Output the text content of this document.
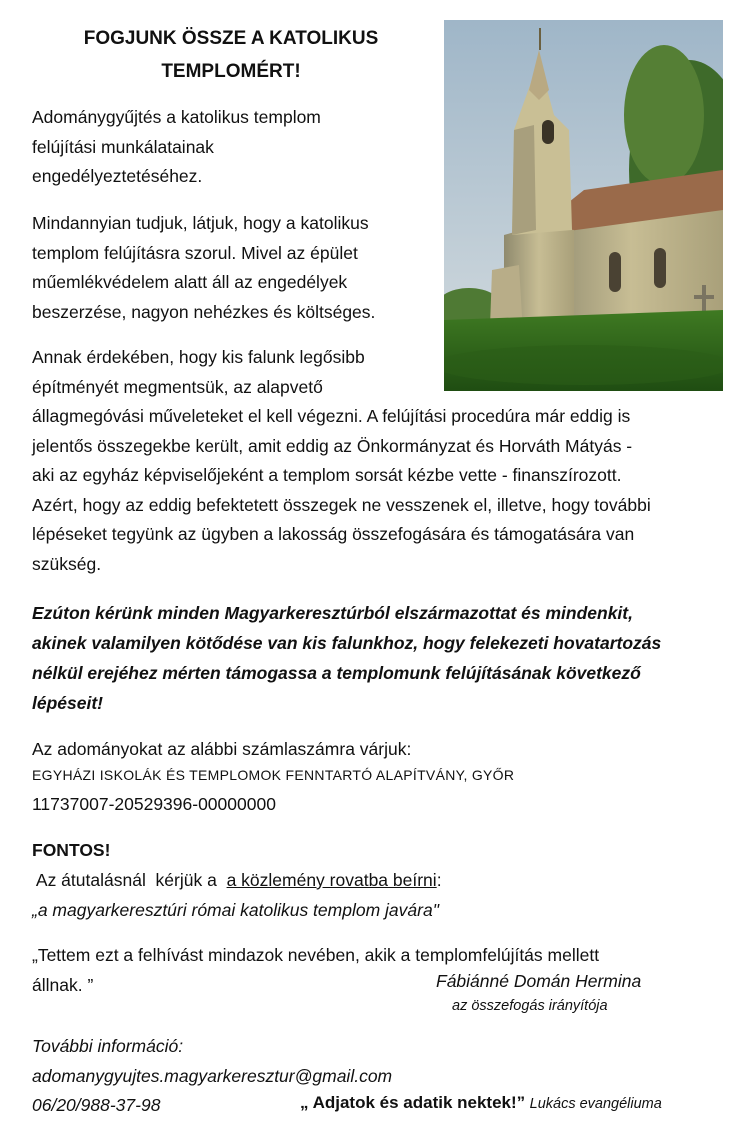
FOGJUNK ÖSSZE A KATOLIKUS
TEMPLOMÉRT!
Adománygyűjtés a katolikus templom
felújítási munkálatainak
engedélyeztetéséhez.
Mindannyian tudjuk, látjuk, hogy a katolikus
templom felújításra szorul. Mivel az épület
műemlékvédelem alatt áll az engedélyek
beszerzése, nagyon nehézkes és költséges.
Annak érdekében, hogy kis falunk legősibb
építményét megmentsük, az alapvető
állagmegóvási műveleteket el kell végezni. A felújítási procedúra már eddig is
jelentős összegekbe került, amit eddig az Önkormányzat és Horváth Mátyás -
aki az egyház képviselőjeként a templom sorsát kézbe vette - finanszírozott.
Azért, hogy az eddig befektetett összegek ne vesszenek el, illetve, hogy további
lépéseket tegyünk az ügyben a lakosság összefogására és támogatására van
szükség.
Ezúton kérünk minden Magyarkeresztúrból elszármazottat és mindenkit,
akinek valamilyen kötődése van kis falunkhoz, hogy felekezeti hovatartozás
nélkül erejéhez mérten támogassa a templomunk felújításának következő
lépéseit!
Az adományokat az alábbi számlaszámra várjuk:
EGYHÁZI ISKOLÁK ÉS TEMPLOMOK FENNTARTÓ ALAPÍTVÁNY, GYŐR
11737007-20529396-00000000
FONTOS!
Az átutalásnál  kérjük a  a közlemény rovatba beírni:
„a magyarkeresztúri római katolikus templom javára"
„Tettem ezt a felhívást mindazok nevében, akik a templomfelújítás mellett
állnak. ”	Fábiánné Domán Hermina
az összefogás irányítója
További információ:
adomanygyujtes.magyarkeresztur@gmail.com
06/20/988-37-98	„ Adjatok és adatik nektek!” Lukács evangéliuma
